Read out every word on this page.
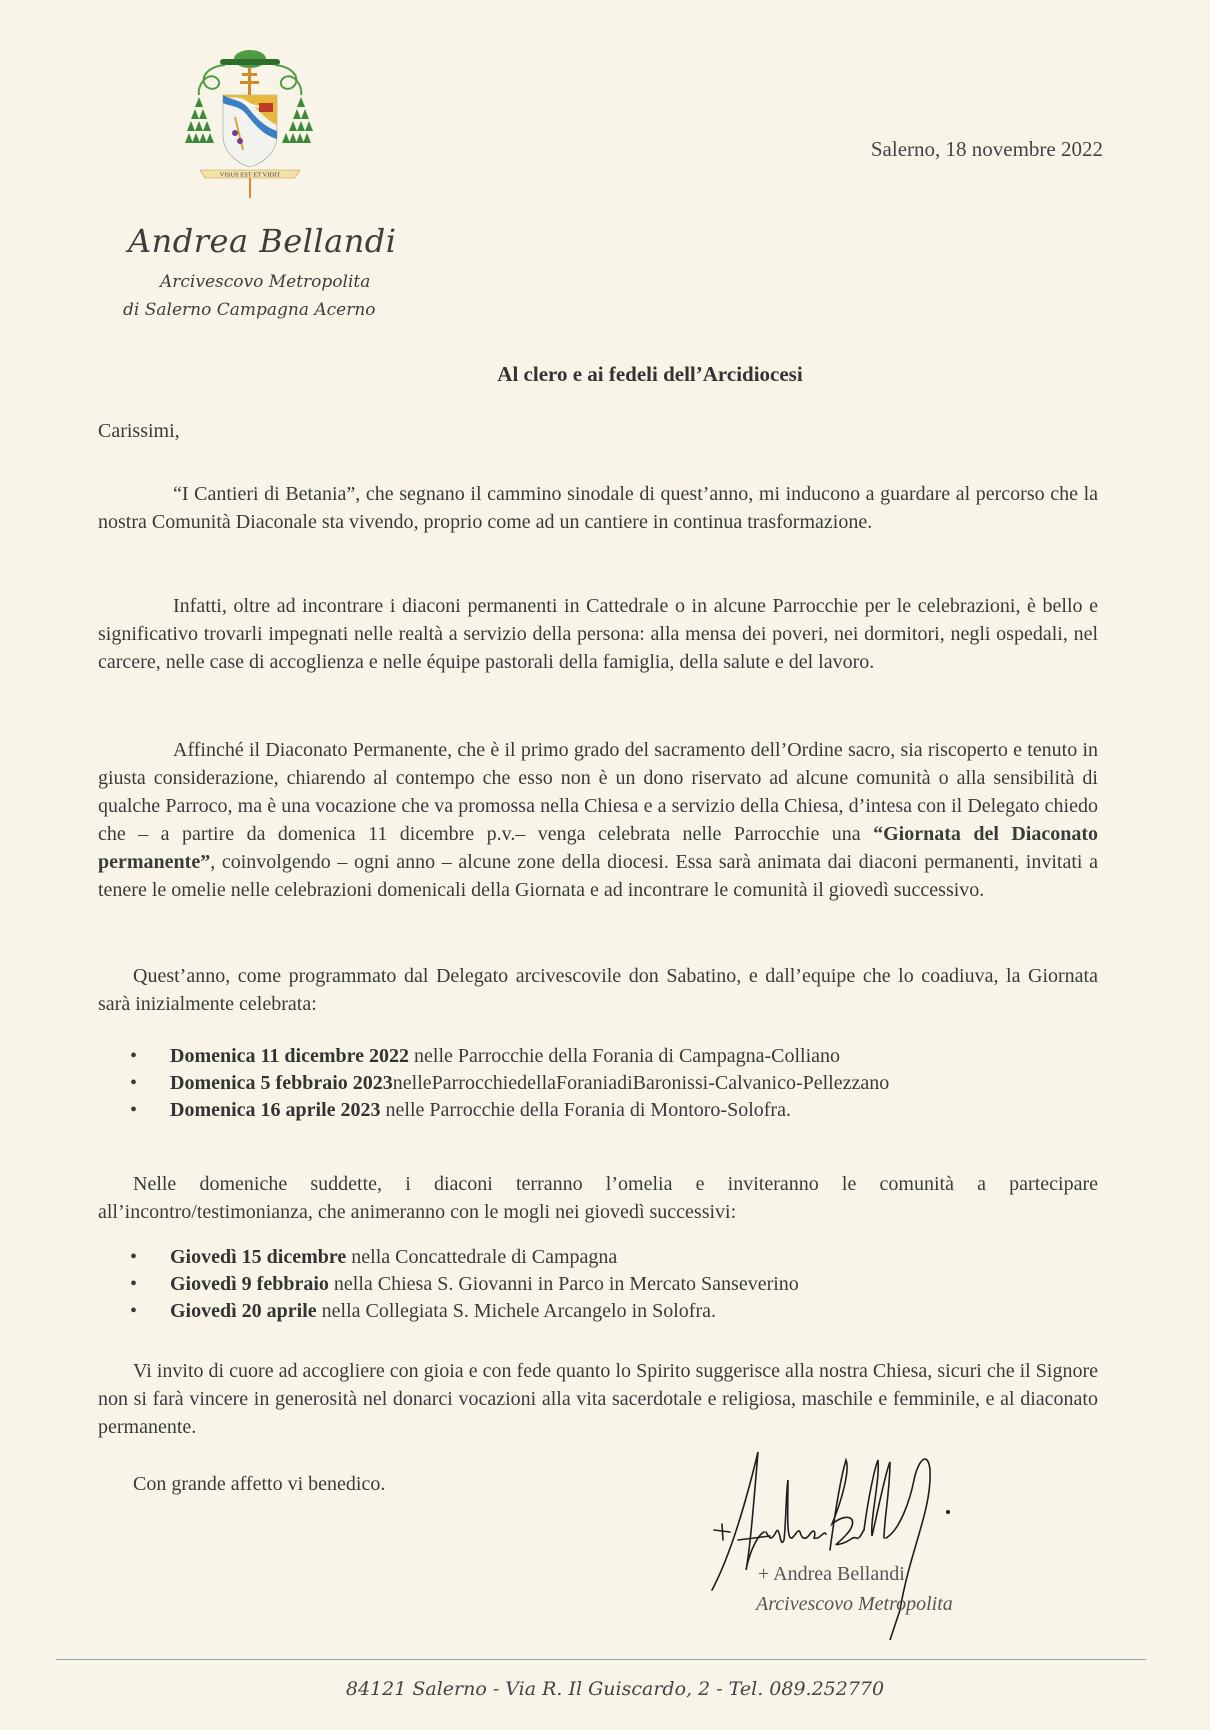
VISUS EST ET VIDIT
Andrea Bellandi
Arcivescovo Metropolita
di Salerno Campagna Acerno
Salerno, 18 novembre 2022
Al clero e ai fedeli dell’Arcidiocesi
Carissimi,

“I Cantieri di Betania”, che segnano il cammino sinodale di quest’anno, mi inducono a guardare al percorso che la nostra Comunità Diaconale sta vivendo, proprio come ad un cantiere in continua trasformazione.

Infatti, oltre ad incontrare i diaconi permanenti in Cattedrale o in alcune Parrocchie per le celebrazioni, è bello e significativo trovarli impegnati nelle realtà a servizio della persona: alla mensa dei poveri, nei dormitori, negli ospedali, nel carcere, nelle case di accoglienza e nelle équipe pastorali della famiglia, della salute e del lavoro.

Affinché il Diaconato Permanente, che è il primo grado del sacramento dell’Ordine sacro, sia riscoperto e tenuto in giusta considerazione, chiarendo al contempo che esso non è un dono riservato ad alcune comunità o alla sensibilità di qualche Parroco, ma è una vocazione che va promossa nella Chiesa e a servizio della Chiesa, d’intesa con il Delegato chiedo che – a partire da domenica 11 dicembre p.v.– venga celebrata nelle Parrocchie una “Giornata del Diaconato permanente”, coinvolgendo – ogni anno – alcune zone della diocesi. Essa sarà animata dai diaconi permanenti, invitati a tenere le omelie nelle celebrazioni domenicali della Giornata e ad incontrare le comunità il giovedì successivo.

Quest’anno, come programmato dal Delegato arcivescovile don Sabatino, e dall’equipe che lo coadiuva, la Giornata sarà inizialmente celebrata:

• Domenica 11 dicembre 2022 nelle Parrocchie della Forania di Campagna-Colliano
• Domenica 5 febbraio 2023nelleParrocchiedellaForaniadiBaronissi-Calvanico-Pellezzano
• Domenica 16 aprile 2023 nelle Parrocchie della Forania di Montoro-Solofra.

Nelle domeniche suddette, i diaconi terranno l’omelia e inviteranno le comunità a partecipare all’incontro/testimonianza, che animeranno con le mogli nei giovedì successivi:

• Giovedì 15 dicembre nella Concattedrale di Campagna
• Giovedì 9 febbraio nella Chiesa S. Giovanni in Parco in Mercato Sanseverino
• Giovedì 20 aprile nella Collegiata S. Michele Arcangelo in Solofra.

Vi invito di cuore ad accogliere con gioia e con fede quanto lo Spirito suggerisce alla nostra Chiesa, sicuri che il Signore non si farà vincere in generosità nel donarci vocazioni alla vita sacerdotale e religiosa, maschile e femminile, e al diaconato permanente.

Con grande affetto vi benedico.
+ Andrea Bellandi
Arcivescovo Metropolita
84121 Salerno - Via R. Il Guiscardo, 2 - Tel. 089.252770
